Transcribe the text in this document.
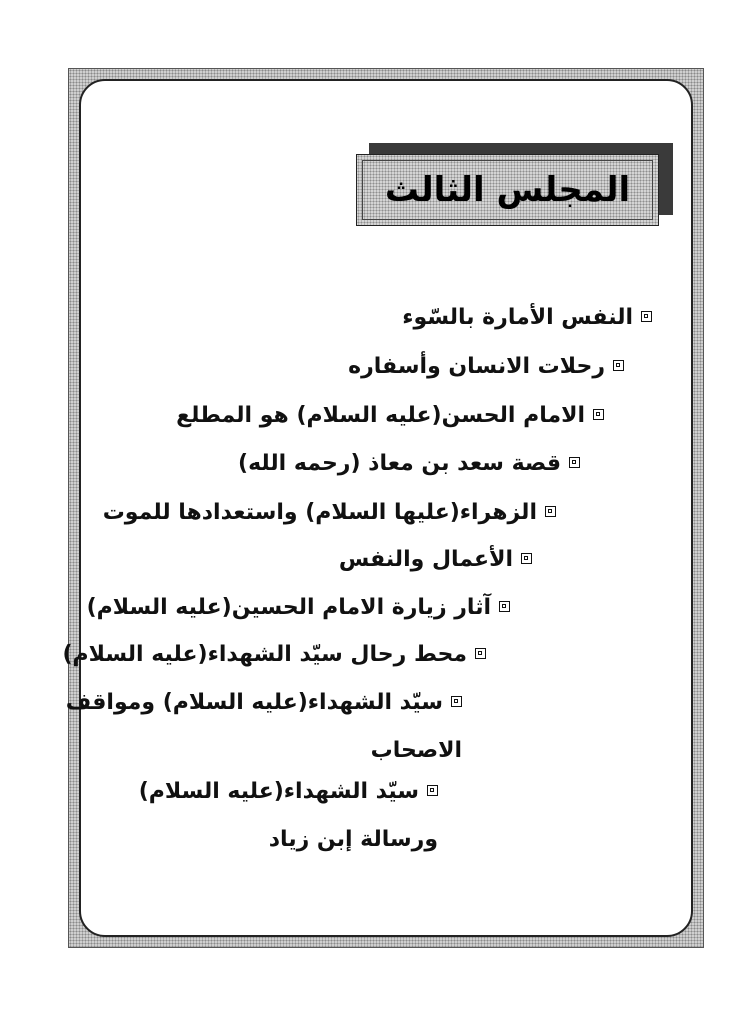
المجلس الثالث
النفس الأمارة بالسّوء
رحلات الانسان وأسفاره
الامام الحسن(عليه السلام) هو المطلع
قصة سعد بن معاذ (رحمه الله)
الزهراء(عليها السلام) واستعدادها للموت
الأعمال والنفس
آثار زيارة الامام الحسين(عليه السلام)
محط رحال سيّد الشهداء(عليه السلام)
سيّد الشهداء(عليه السلام) ومواقف
الاصحاب
سيّد الشهداء(عليه السلام)
ورسالة إبن زياد
